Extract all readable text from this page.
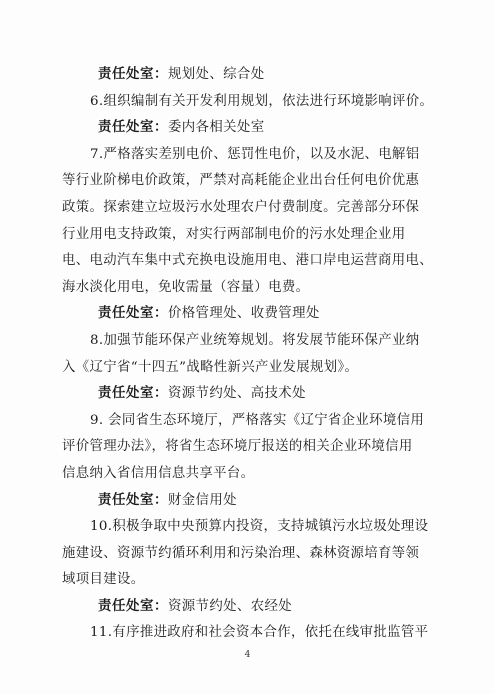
责任处室：规划处、综合处
6.组织编制有关开发利用规划，依法进行环境影响评价。
责任处室：委内各相关处室
7.严格落实差别电价、惩罚性电价，以及水泥、电解铝
等行业阶梯电价政策，严禁对高耗能企业出台任何电价优惠
政策。探索建立垃圾污水处理农户付费制度。完善部分环保
行业用电支持政策，对实行两部制电价的污水处理企业用
电、电动汽车集中式充换电设施用电、港口岸电运营商用电、
海水淡化用电，免收需量（容量）电费。
责任处室：价格管理处、收费管理处
8.加强节能环保产业统筹规划。将发展节能环保产业纳
入《辽宁省“十四五”战略性新兴产业发展规划》。
责任处室：资源节约处、高技术处
9. 会同省生态环境厅，严格落实《辽宁省企业环境信用
评价管理办法》，将省生态环境厅报送的相关企业环境信用
信息纳入省信用信息共享平台。
责任处室：财金信用处
10.积极争取中央预算内投资，支持城镇污水垃圾处理设
施建设、资源节约循环利用和污染治理、森林资源培育等领
域项目建设。
责任处室：资源节约处、农经处
11.有序推进政府和社会资本合作，依托在线审批监管平
4
